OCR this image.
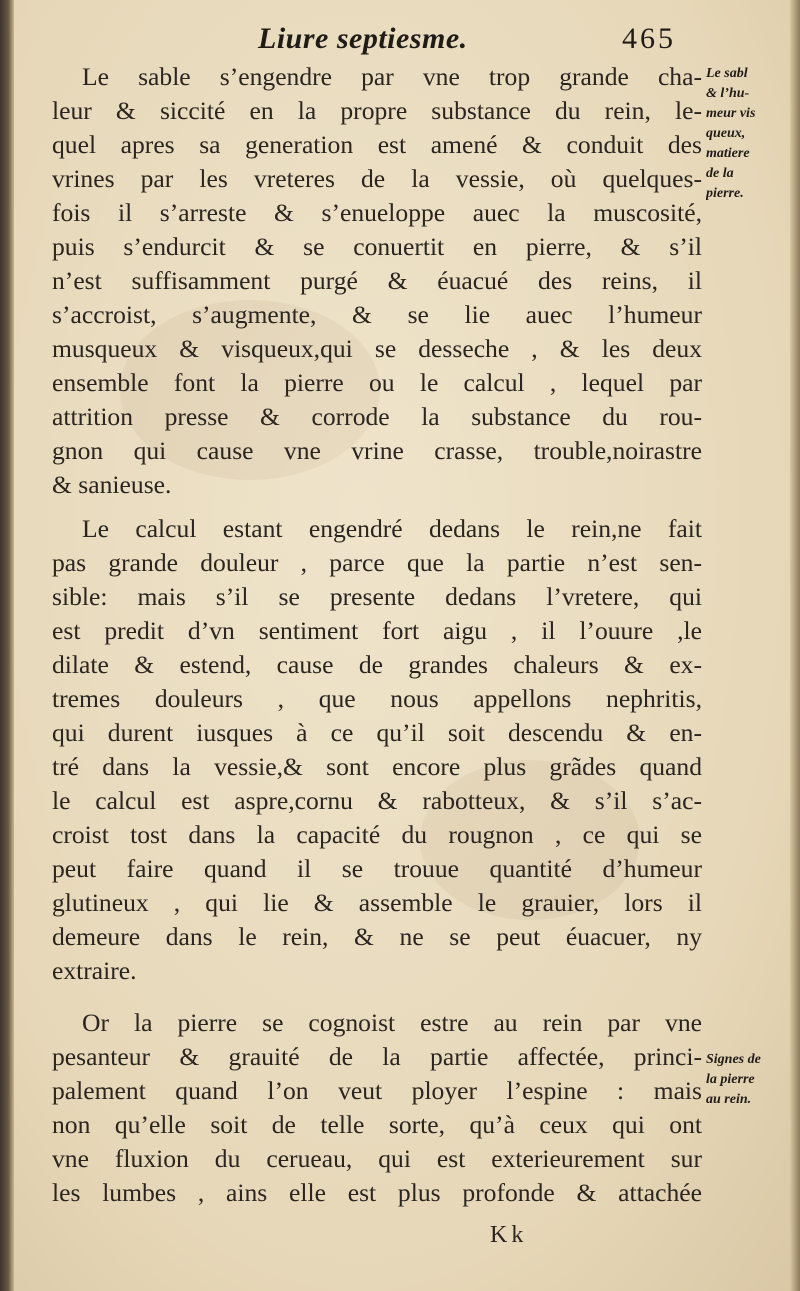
Liure septiesme.	465
Le sable s’engendre par vne trop grande cha-
leur & siccité en la propre substance du rein, le-
quel apres sa generation est amené & conduit des
vrines par les vreteres de la vessie, où quelques-
fois il s’arreste & s’enueloppe auec la muscosité,
puis s’endurcit & se conuertit en pierre, & s’il
n’est suffisamment purgé & éuacué des reins, il
s’accroist, s’augmente, & se lie auec l’humeur
musqueux & visqueux,qui se desseche , & les deux
ensemble font la pierre ou le calcul , lequel par
attrition presse & corrode la substance du rou-
gnon qui cause vne vrine crasse, trouble,noirastre
& sanieuse.
Le calcul estant engendré dedans le rein,ne fait
pas grande douleur , parce que la partie n’est sen-
sible: mais s’il se presente dedans l’vretere, qui
est predit d’vn sentiment fort aigu , il l’ouure ,le
dilate & estend, cause de grandes chaleurs & ex-
tremes douleurs , que nous appellons nephritis,
qui durent iusques à ce qu’il soit descendu & en-
tré dans la vessie,& sont encore plus grãdes quand
le calcul est aspre,cornu & rabotteux, & s’il s’ac-
croist tost dans la capacité du rougnon , ce qui se
peut faire quand il se trouue quantité d’humeur
glutineux , qui lie & assemble le grauier, lors il
demeure dans le rein, & ne se peut éuacuer, ny
extraire.
Or la pierre se cognoist estre au rein par vne
pesanteur & grauité de la partie affectée, princi-
palement quand l’on veut ployer l’espine : mais
non qu’elle soit de telle sorte, qu’à ceux qui ont
vne fluxion du cerueau, qui est exterieurement sur
les lumbes , ains elle est plus profonde & attachée
Le sabl
& l’hu-
meur vis
queux,
matiere
de la
pierre.
Signes de
la pierre
au rein.
Kk
